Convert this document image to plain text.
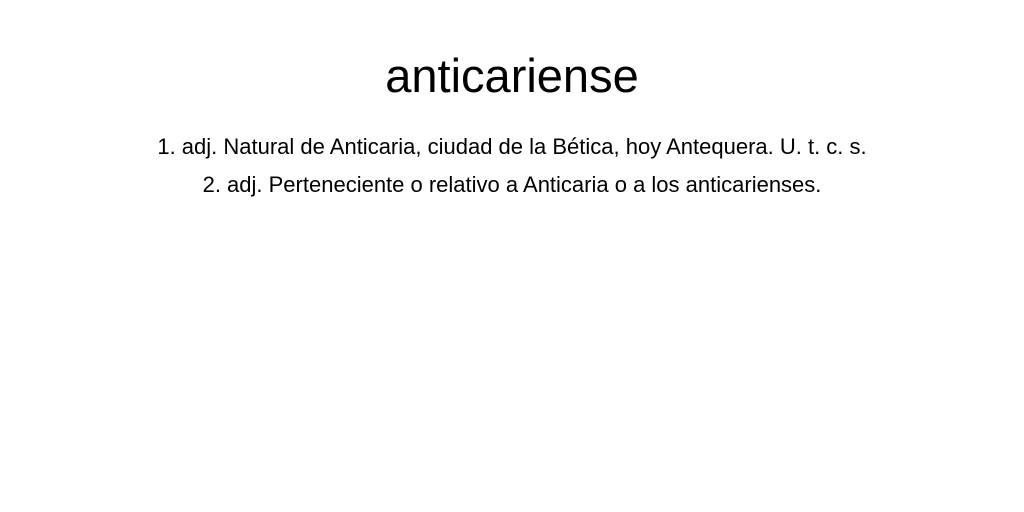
anticariense
1. adj. Natural de Anticaria, ciudad de la Bética, hoy Antequera. U. t. c. s.
2. adj. Perteneciente o relativo a Anticaria o a los anticarienses.
